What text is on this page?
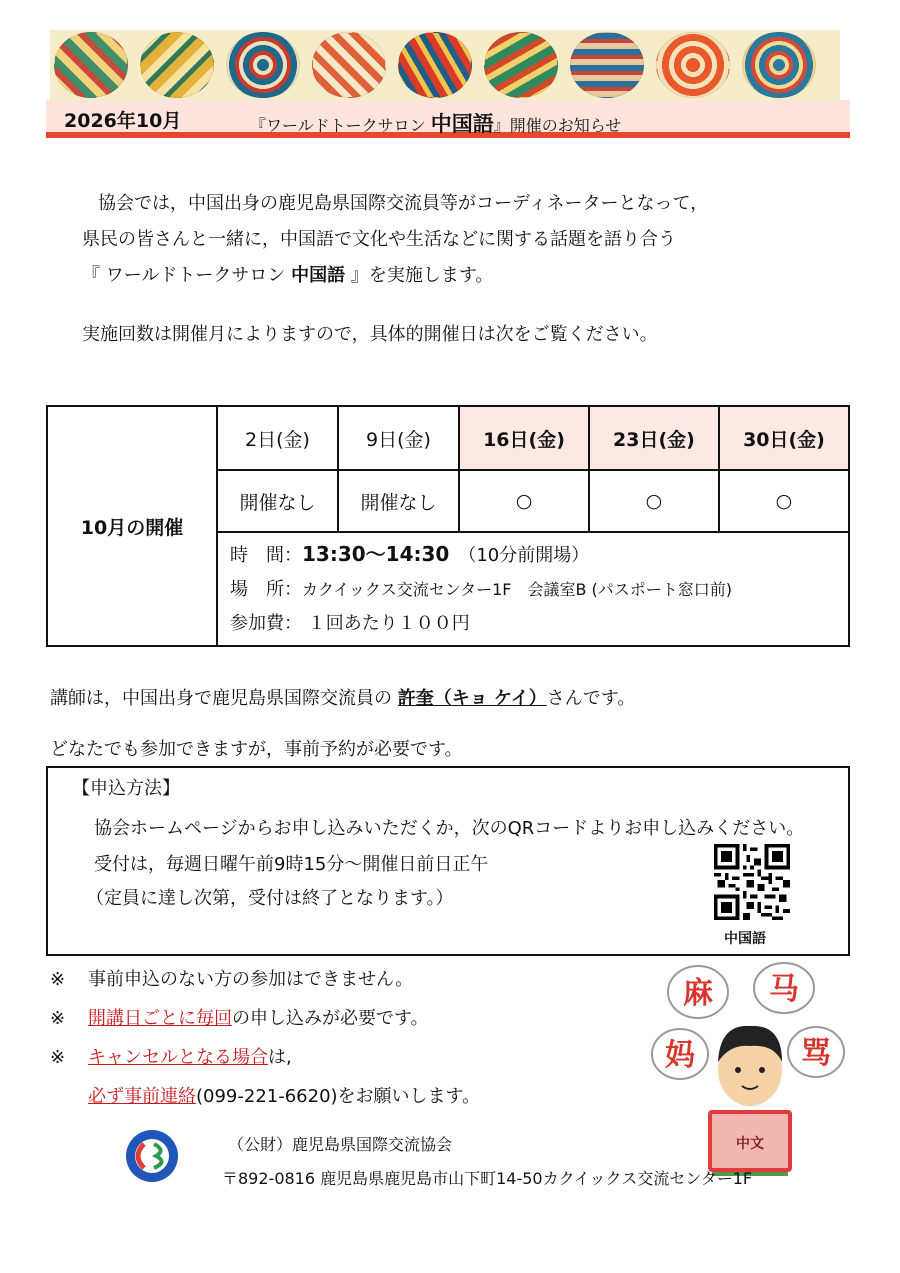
2026年10月	『ワールドトークサロン 中国語』開催のお知らせ
協会では，中国出身の鹿児島県国際交流員等がコーディネーターとなって，
県民の皆さんと一緒に，中国語で文化や生活などに関する話題を語り合う
『 ワールドトークサロン 中国語 』を実施します。
実施回数は開催月によりますので，具体的開催日は次をご覧ください。
10月の開催	2日(金)	9日(金)	16日(金)	23日(金)	30日(金)
	開催なし	開催なし	○	○	○

	時　間：13:30～14:30　（10分前開場）
場　所：カクイックス交流センター1F　会議室B (パスポート窓口前)
参加費： １回あたり１００円				
講師は，中国出身で鹿児島県国際交流員の 許奎（キョ ケイ）さんです。
どなたでも参加できますが，事前予約が必要です。
【申込方法】
協会ホームページからお申し込みいただくか，次のQRコードよりお申し込みください。
受付は，毎週日曜午前9時15分～開催日前日正午
（定員に達し次第，受付は終了となります。）
中国語
※ 事前申込のない方の参加はできません。
※ 開講日ごとに毎回の申し込みが必要です。
※ キャンセルとなる場合は,
必ず事前連絡(099-221-6620)をお願いします。
麻 马
妈	骂
中文
（公財）鹿児島県国際交流協会
〒892-0816 鹿児島県鹿児島市山下町14-50カクイックス交流センター1F
